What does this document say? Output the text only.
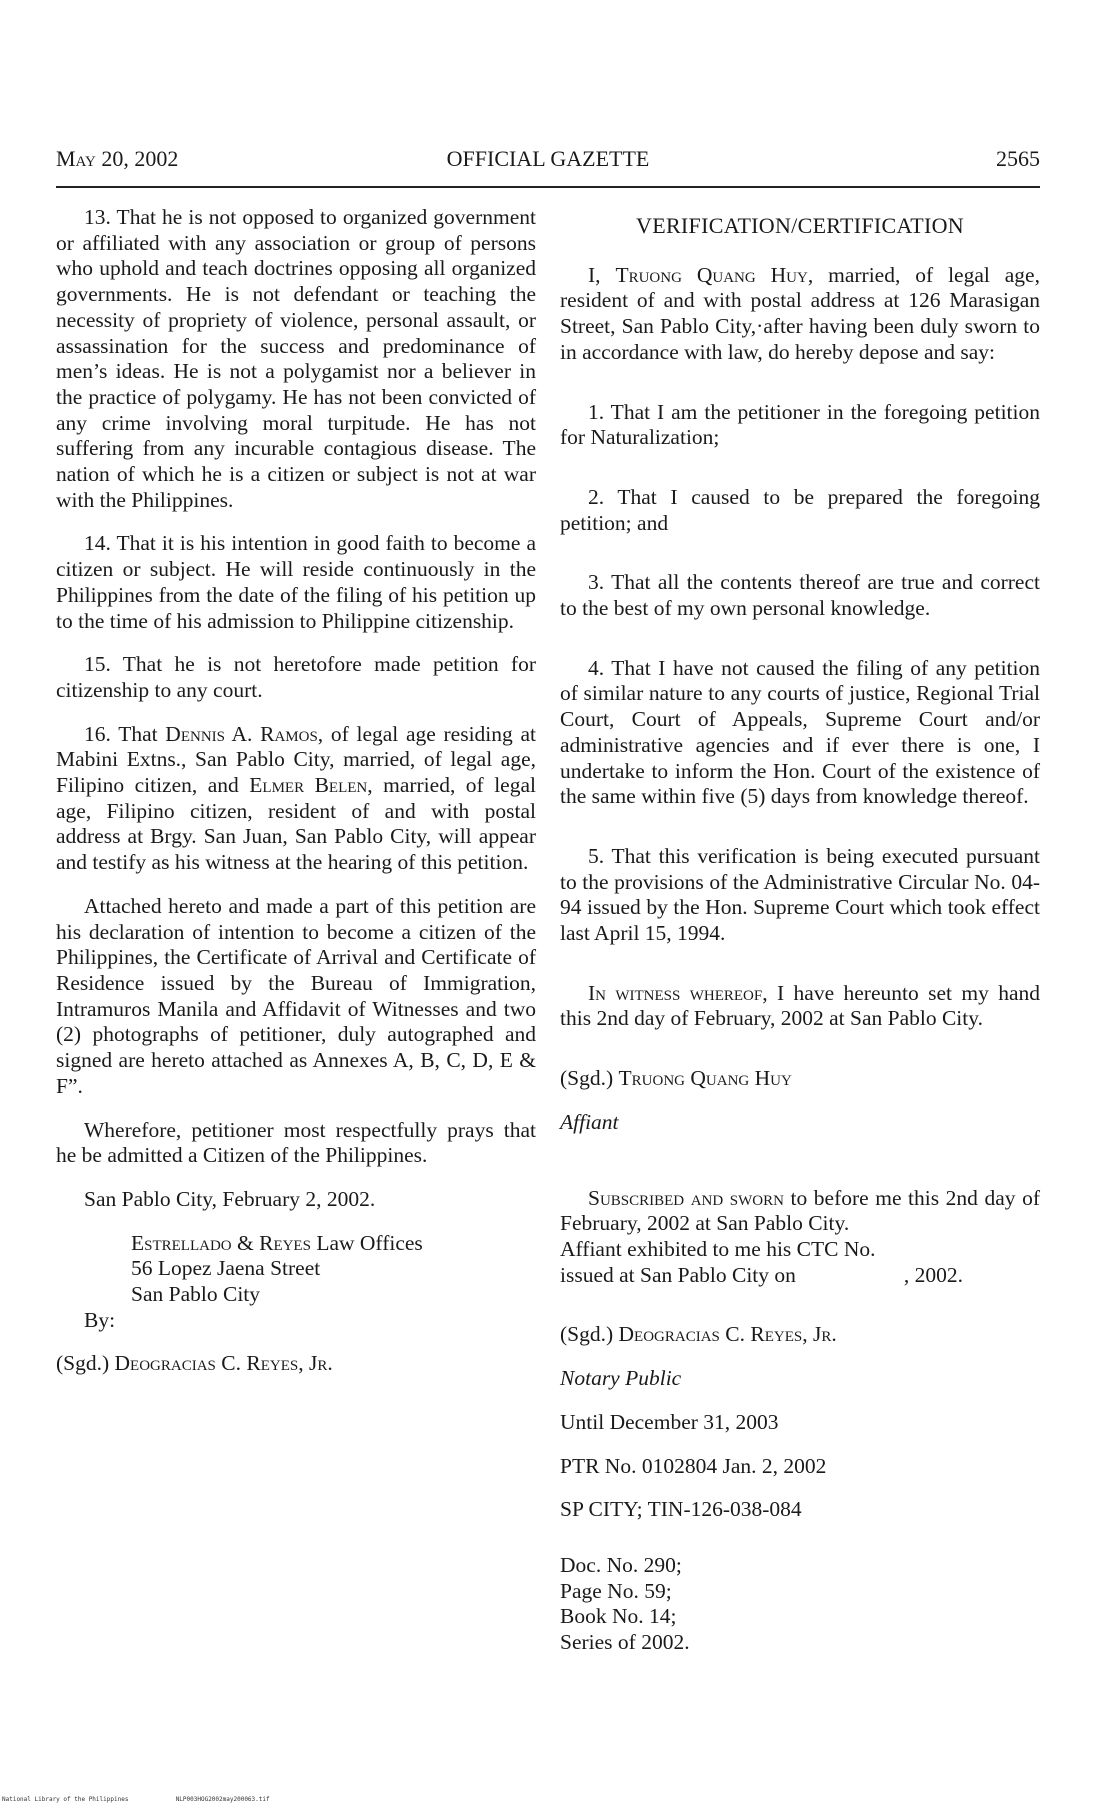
May 20, 2002	OFFICIAL GAZETTE	2565

13. That he is not opposed to organized government or affiliated with any association or group of persons who uphold and teach doctrines opposing all organized governments. He is not defendant or teaching the necessity of propriety of violence, personal assault, or assassination for the success and predominance of men’s ideas. He is not a polygamist nor a believer in the practice of polygamy. He has not been convicted of any crime involving moral turpitude. He has not suffering from any incurable contagious disease. The nation of which he is a citizen or subject is not at war with the Philippines.

14. That it is his intention in good faith to become a citizen or subject. He will reside continuously in the Philippines from the date of the filing of his petition up to the time of his admission to Philippine citizenship.

15. That he is not heretofore made petition for citizenship to any court.

16. That Dennis A. Ramos, of legal age residing at Mabini Extns., San Pablo City, married, of legal age, Filipino citizen, and Elmer Belen, married, of legal age, Filipino citizen, resident of and with postal address at Brgy. San Juan, San Pablo City, will appear and testify as his witness at the hearing of this petition.

Attached hereto and made a part of this petition are his declaration of intention to become a citizen of the Philippines, the Certificate of Arrival and Certificate of Residence issued by the Bureau of Immigration, Intramuros Manila and Affidavit of Witnesses and two (2) photographs of petitioner, duly autographed and signed are hereto attached as Annexes A, B, C, D, E & F”.

Wherefore, petitioner most respectfully prays that he be admitted a Citizen of the Philippines.

San Pablo City, February 2, 2002.

Estrellado & Reyes Law Offices
56 Lopez Jaena Street
San Pablo City

By:

(Sgd.) Deogracias C. Reyes, Jr.

VERIFICATION/CERTIFICATION

I, Truong Quang Huy, married, of legal age, resident of and with postal address at 126 Marasigan Street, San Pablo City,·after having been duly sworn to in accordance with law, do hereby depose and say:

1. That I am the petitioner in the foregoing petition for Naturalization;

2. That I caused to be prepared the foregoing petition; and

3. That all the contents thereof are true and correct to the best of my own personal knowledge.

4. That I have not caused the filing of any petition of similar nature to any courts of justice, Regional Trial Court, Court of Appeals, Supreme Court and/or administrative agencies and if ever there is one, I undertake to inform the Hon. Court of the existence of the same within five (5) days from knowledge thereof.

5. That this verification is being executed pursuant to the provisions of the Administrative Circular No. 04-94 issued by the Hon. Supreme Court which took effect last April 15, 1994.

In witness whereof, I have hereunto set my hand this 2nd day of February, 2002 at San Pablo City.

(Sgd.) Truong Quang Huy

Affiant

Subscribed and sworn to before me this 2nd day of February, 2002 at San Pablo City.

Affiant exhibited to me his CTC No.

issued at San Pablo City on	, 2002.

(Sgd.) Deogracias C. Reyes, Jr.

Notary Public

Until December 31, 2003

PTR No. 0102804 Jan. 2, 2002

SP CITY; TIN-126-038-084

Doc. No. 290;
Page No. 59;
Book No. 14;
Series of 2002.
National Library of the Philippines	NLP003HOG2002may200063.tif
